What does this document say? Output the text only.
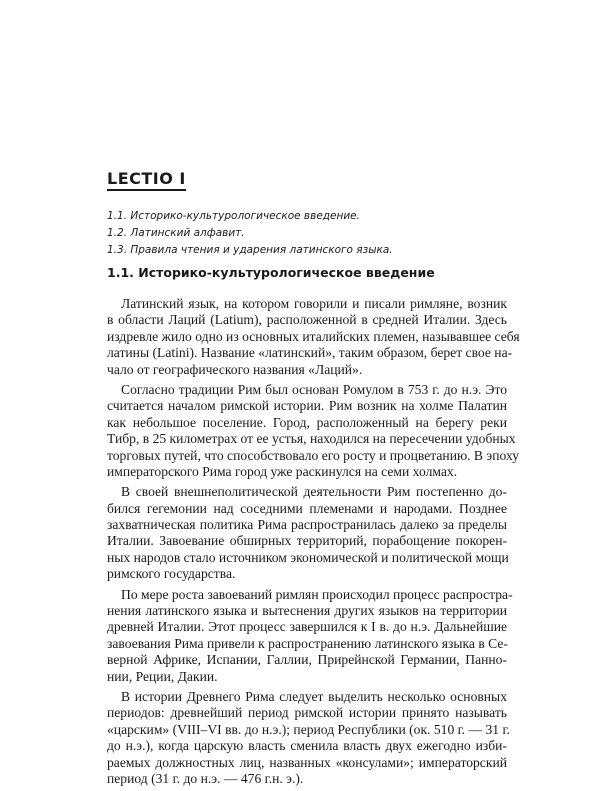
LECTIO I
1.1. Историко-культурологическое введение.
1.2. Латинский алфавит.
1.3. Правила чтения и ударения латинского языка.
1.1. Историко-культурологическое введение

Латинский язык, на котором говорили и писали римляне, возник
в области Лаций (Latium), расположенной в средней Италии. Здесь
издревле жило одно из основных италийских племен, называвшее себя
латины (Latini). Название «латинский», таким образом, берет свое на-
чало от географического названия «Лаций».

Согласно традиции Рим был основан Ромулом в 753 г. до н.э. Это
считается началом римской истории. Рим возник на холме Палатин
как небольшое поселение. Город, расположенный на берегу реки
Тибр, в 25 километрах от ее устья, находился на пересечении удобных
торговых путей, что способствовало его росту и процветанию. В эпоху
императорского Рима город уже раскинулся на семи холмах.

В своей внешнеполитической деятельности Рим постепенно до-
бился гегемонии над соседними племенами и народами. Позднее
захватническая политика Рима распространилась далеко за пределы
Италии. Завоевание обширных территорий, порабощение покорен-
ных народов стало источником экономической и политической мощи
римского государства.

По мере роста завоеваний римлян происходил процесс распростра-
нения латинского языка и вытеснения других языков на территории
древней Италии. Этот процесс завершился к I в. до н.э. Дальнейшие
завоевания Рима привели к распространению латинского языка в Се-
верной Африке, Испании, Галлии, Прирейнской Германии, Панно-
нии, Реции, Дакии.

В истории Древнего Рима следует выделить несколько основных
периодов: древнейший период римской истории принято называть
«царским» (VIII–VI вв. до н.э.); период Республики (ок. 510 г. — 31 г.
до н.э.), когда царскую власть сменила власть двух ежегодно изби-
раемых должностных лиц, названных «консулами»; императорский
период (31 г. до н.э. — 476 г.н. э.).
